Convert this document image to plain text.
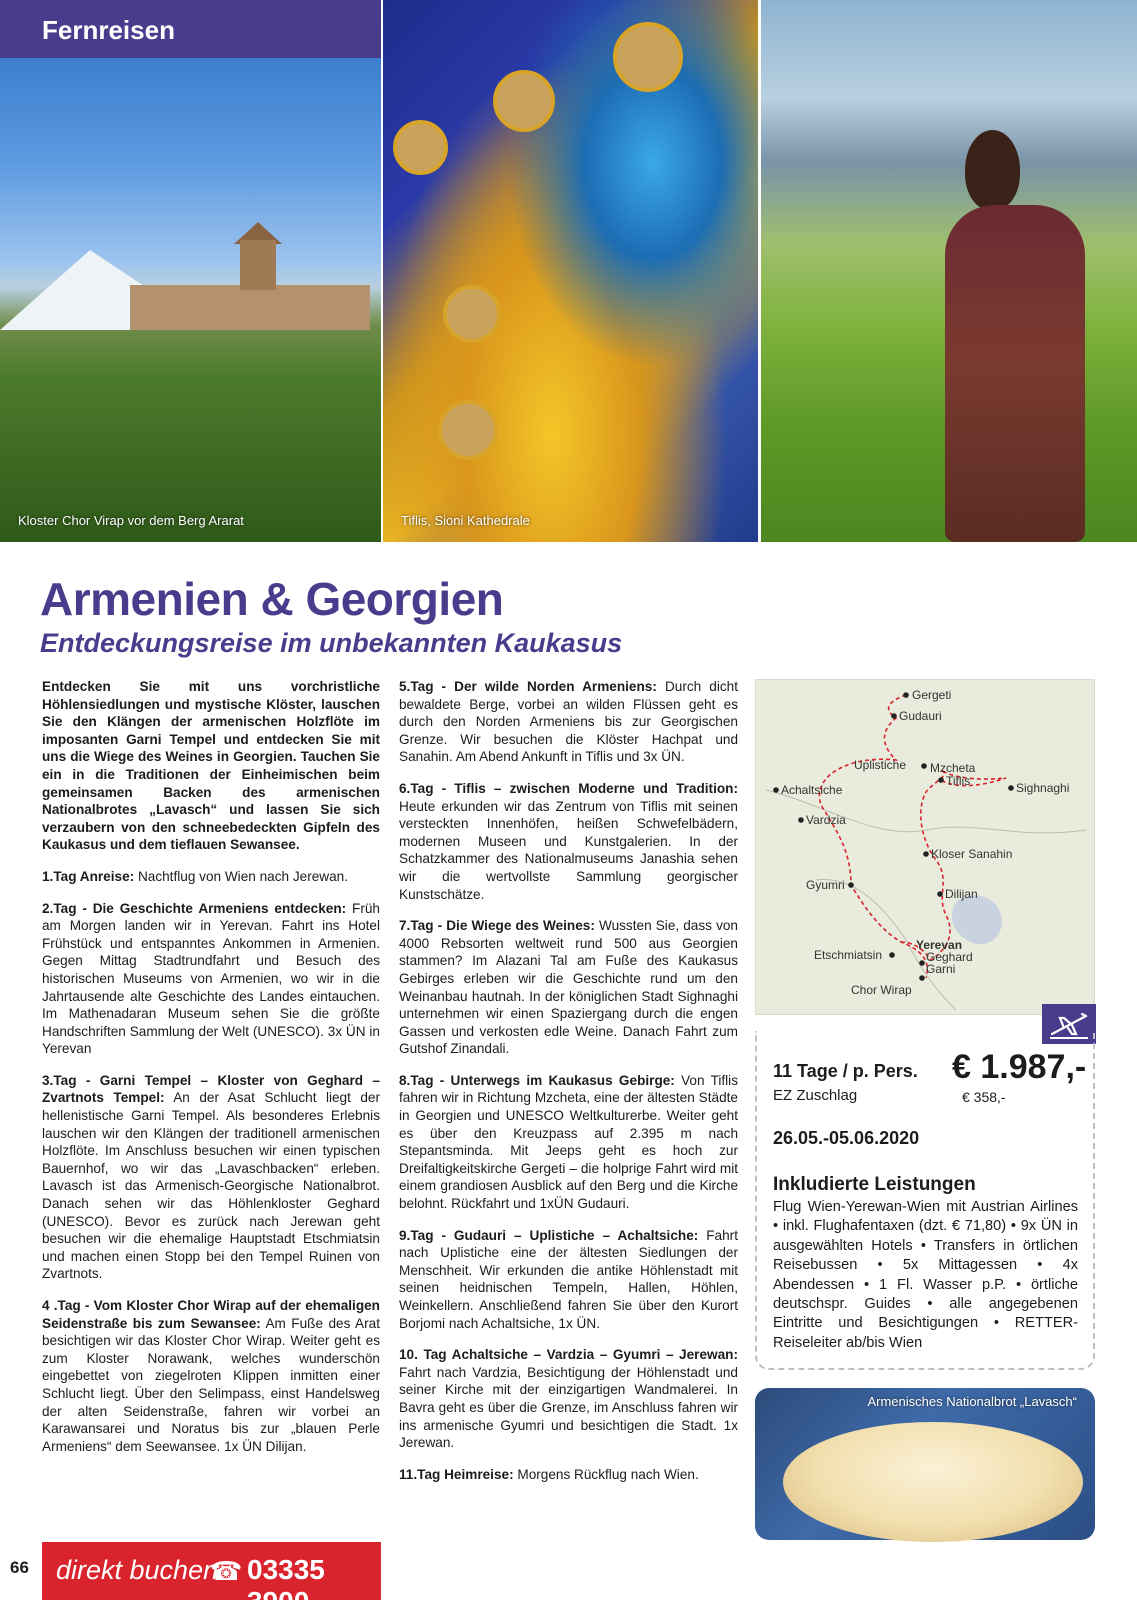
Kloster Chor Virap vor dem Berg Ararat	Tiflis, Sioni Kathedrale
Fernreisen
Armenien & Georgien
Entdeckungsreise im unbekannten Kaukasus

Entdecken Sie mit uns vorchristliche Höhlensiedlungen und mystische Klöster, lauschen Sie den Klängen der armenischen Holzflöte im imposanten Garni Tempel und entdecken Sie mit uns die Wiege des Weines in Georgien. Tauchen Sie ein in die Traditionen der Einheimischen beim gemeinsamen Backen des armenischen Nationalbrotes „Lavasch“ und lassen Sie sich verzaubern von den schneebedeckten Gipfeln des Kaukasus und dem tieflauen Sewansee.

1.Tag Anreise: Nachtflug von Wien nach Jerewan.

2.Tag - Die Geschichte Armeniens entdecken: Früh am Morgen landen wir in Yerevan. Fahrt ins Hotel Frühstück und entspanntes Ankommen in Armenien. Gegen Mittag Stadtrundfahrt und Besuch des historischen Museums von Armenien, wo wir in die Jahrtausende alte Geschichte des Landes eintauchen. Im Mathenadaran Museum sehen Sie die größte Handschriften Sammlung der Welt (UNESCO). 3x ÜN in Yerevan

3.Tag - Garni Tempel – Kloster von Geghard – Zvartnots Tempel: An der Asat Schlucht liegt der hellenistische Garni Tempel. Als besonderes Erlebnis lauschen wir den Klängen der traditionell armenischen Holzflöte. Im Anschluss besuchen wir einen typischen Bauernhof, wo wir das „Lavaschbacken“ erleben. Lavasch ist das Armenisch-Georgische Nationalbrot. Danach sehen wir das Höhlenkloster Geghard (UNESCO). Bevor es zurück nach Jerewan geht besuchen wir die ehemalige Hauptstadt Etschmiatsin und machen einen Stopp bei den Tempel Ruinen von Zvartnots.

4 .Tag - Vom Kloster Chor Wirap auf der ehemaligen Seidenstraße bis zum Sewansee: Am Fuße des Arat besichtigen wir das Kloster Chor Wirap. Weiter geht es zum Kloster Norawank, welches wunderschön eingebettet von ziegelroten Klippen inmitten einer Schlucht liegt. Über den Selimpass, einst Handelsweg der alten Seidenstraße, fahren wir vorbei an Karawansarei und Noratus bis zur „blauen Perle Armeniens“ dem Seewansee. 1x ÜN Dilijan.

5.Tag - Der wilde Norden Armeniens: Durch dicht bewaldete Berge, vorbei an wilden Flüssen geht es durch den Norden Armeniens bis zur Georgischen Grenze. Wir besuchen die Klöster Hachpat und Sanahin. Am Abend Ankunft in Tiflis und 3x ÜN.

6.Tag - Tiflis – zwischen Moderne und Tradition: Heute erkunden wir das Zentrum von Tiflis mit seinen versteckten Innenhöfen, heißen Schwefelbädern, modernen Museen und Kunstgalerien. In der Schatzkammer des Nationalmuseums Janashia sehen wir die wertvollste Sammlung georgischer Kunstschätze.

7.Tag - Die Wiege des Weines: Wussten Sie, dass von 4000 Rebsorten weltweit rund 500 aus Georgien stammen? Im Alazani Tal am Fuße des Kaukasus Gebirges erleben wir die Geschichte rund um den Weinanbau hautnah. In der königlichen Stadt Sighnaghi unternehmen wir einen Spaziergang durch die engen Gassen und verkosten edle Weine. Danach Fahrt zum Gutshof Zinandali.

8.Tag - Unterwegs im Kaukasus Gebirge: Von Tiflis fahren wir in Richtung Mzcheta, eine der ältesten Städte in Georgien und UNESCO Weltkulturerbe. Weiter geht es über den Kreuzpass auf 2.395 m nach Stepantsminda. Mit Jeeps geht es hoch zur Dreifaltigkeitskirche Gergeti – die holprige Fahrt wird mit einem grandiosen Ausblick auf den Berg und die Kirche belohnt. Rückfahrt und 1xÜN Gudauri.

9.Tag - Gudauri – Uplistiche – Achaltsiche: Fahrt nach Uplistiche eine der ältesten Siedlungen der Menschheit. Wir erkunden die antike Höhlenstadt mit seinen heidnischen Tempeln, Hallen, Höhlen, Weinkellern. Anschließend fahren Sie über den Kurort Borjomi nach Achaltsiche, 1x ÜN.

10. Tag Achaltsiche – Vardzia – Gyumri – Jerewan: Fahrt nach Vardzia, Besichtigung der Höhlenstadt und seiner Kirche mit der einzigartigen Wandmalerei. In Bavra geht es über die Grenze, im Anschluss fahren wir ins armenische Gyumri und besichtigen die Stadt. 1x Jerewan.

11.Tag Heimreise: Morgens Rückflug nach Wien.

Gergeti
Gudauri
Uplistiche Mzcheta
Tiflis	Sighnaghi
Achaltsiche
Vardzia
Kloser Sanahin
Gyumri
Dilijan
Yerevan
Etschmiatsin	Geghard
Garni
Chor Wirap
11 Tage / p. Pers. € 1.987,-
EZ Zuschlag	€ 358,-
26.05.-05.06.2020
Inkludierte Leistungen
Flug Wien-Yerewan-Wien mit Austrian Airlines • inkl. Flughafentaxen (dzt. € 71,80) • 9x ÜN in ausgewählten Hotels • Transfers in örtlichen Reisebussen • 5x Mittagessen • 4x Abendessen • 1 Fl. Wasser p.P. • örtliche deutschspr. Guides • alle angegebenen Eintritte und Besichtigungen • RETTER-Reiseleiter ab/bis Wien
Armenisches Nationalbrot „Lavasch“
66 direkt buchen
☎ 03335 3900
